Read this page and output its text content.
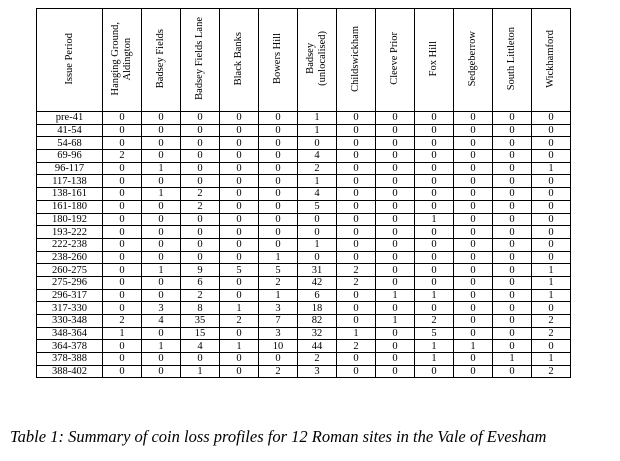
Issue Period	Hanging Ground, Aldington	Badsey Fields	Badsey Fields Lane	Black Banks	Bowers Hill	Badsey (unlocalised)	Childswickham	Cleeve Prior	Fox Hill	Sedgeberrow	South Littleton	Wickhamford

pre-41	0	0	0	0	0	1	0	0	0	0	0	0
41-54	0	0	0	0	0	1	0	0	0	0	0	0
54-68	0	0	0	0	0	0	0	0	0	0	0	0
69-96	2	0	0	0	0	4	0	0	0	0	0	0
96-117	0	1	0	0	0	2	0	0	0	0	0	1
117-138	0	0	0	0	0	1	0	0	0	0	0	0
138-161	0	1	2	0	0	4	0	0	0	0	0	0
161-180	0	0	2	0	0	5	0	0	0	0	0	0
180-192	0	0	0	0	0	0	0	0	1	0	0	0
193-222	0	0	0	0	0	0	0	0	0	0	0	0
222-238	0	0	0	0	0	1	0	0	0	0	0	0
238-260	0	0	0	0	1	0	0	0	0	0	0	0
260-275	0	1	9	5	5	31	2	0	0	0	0	1
275-296	0	0	6	0	2	42	2	0	0	0	0	1
296-317	0	0	2	0	1	6	0	1	1	0	0	1
317-330	0	3	8	1	3	18	0	0	0	0	0	0
330-348	2	4	35	2	7	82	0	1	2	0	0	2
348-364	1	0	15	0	3	32	1	0	5	0	0	2
364-378	0	1	4	1	10	44	2	0	1	1	0	0
378-388	0	0	0	0	0	2	0	0	1	0	1	1
388-402	0	0	1	0	2	3	0	0	0	0	0	2
Table 1: Summary of coin loss profiles for 12 Roman sites in the Vale of Evesham
